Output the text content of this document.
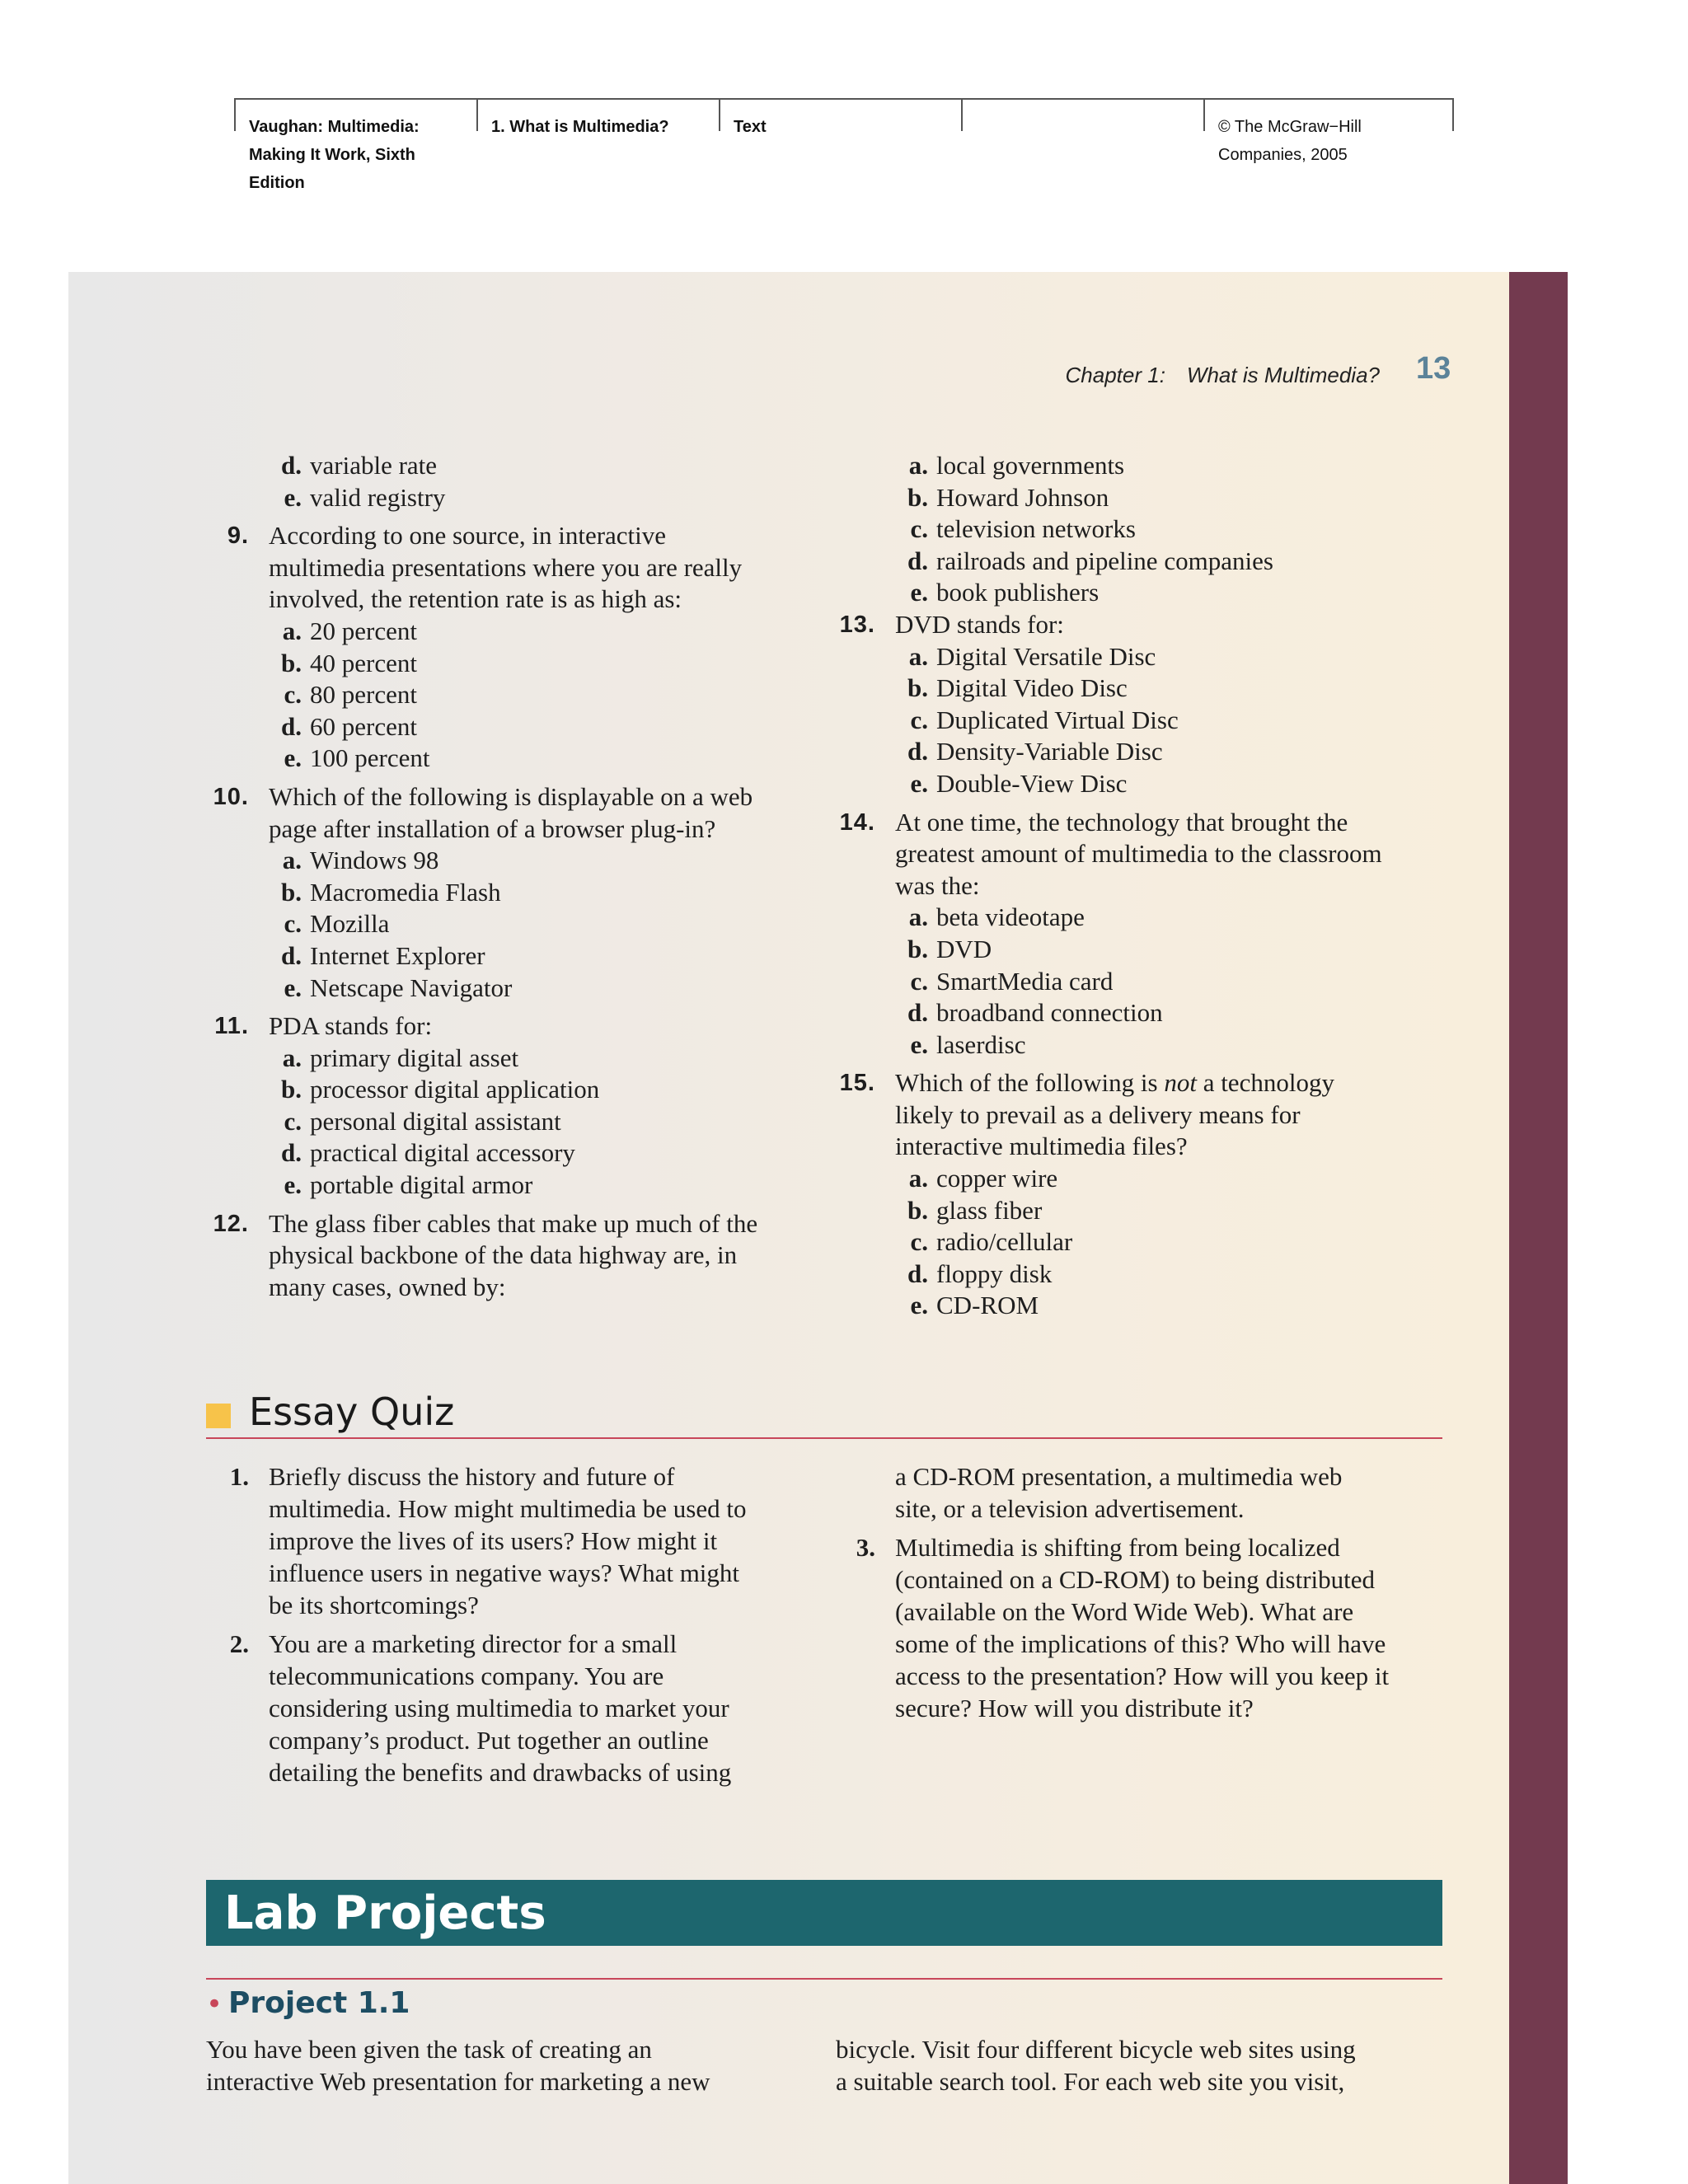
Vaughan: Multimedia:
Making It Work, Sixth
Edition
1. What is Multimedia?	Text	© The McGraw−Hill
Companies, 2005
Chapter 1: What is Multimedia? 13
d. variable rate
e. valid registry
9. According to one source, in interactive
multimedia presentations where you are really
involved, the retention rate is as high as:
a. 20 percent
b. 40 percent
c. 80 percent
d. 60 percent
e. 100 percent
10. Which of the following is displayable on a web
page after installation of a browser plug-in?
a. Windows 98
b. Macromedia Flash
c. Mozilla
d. Internet Explorer
e. Netscape Navigator
11. PDA stands for:
a. primary digital asset
b. processor digital application
c. personal digital assistant
d. practical digital accessory
e. portable digital armor
12. The glass fiber cables that make up much of the
physical backbone of the data highway are, in
many cases, owned by:
a. local governments
b. Howard Johnson
c. television networks
d. railroads and pipeline companies
e. book publishers
13. DVD stands for:
a. Digital Versatile Disc
b. Digital Video Disc
c. Duplicated Virtual Disc
d. Density-Variable Disc
e. Double-View Disc
14. At one time, the technology that brought the
greatest amount of multimedia to the classroom
was the:
a. beta videotape
b. DVD
c. SmartMedia card
d. broadband connection
e. laserdisc
15. Which of the following is not a technology
likely to prevail as a delivery means for
interactive multimedia files?
a. copper wire
b. glass fiber
c. radio/cellular
d. floppy disk
e. CD-ROM
Essay Quiz
1. Briefly discuss the history and future of
multimedia. How might multimedia be used to
improve the lives of its users? How might it
influence users in negative ways? What might
be its shortcomings?
2. You are a marketing director for a small
telecommunications company. You are
considering using multimedia to market your
company’s product. Put together an outline
detailing the benefits and drawbacks of using
a CD-ROM presentation, a multimedia web
site, or a television advertisement.
3. Multimedia is shifting from being localized
(contained on a CD-ROM) to being distributed
(available on the Word Wide Web). What are
some of the implications of this? Who will have
access to the presentation? How will you keep it
secure? How will you distribute it?
Lab Projects
• Project 1.1
You have been given the task of creating an
interactive Web presentation for marketing a new
bicycle. Visit four different bicycle web sites using
a suitable search tool. For each web site you visit,
